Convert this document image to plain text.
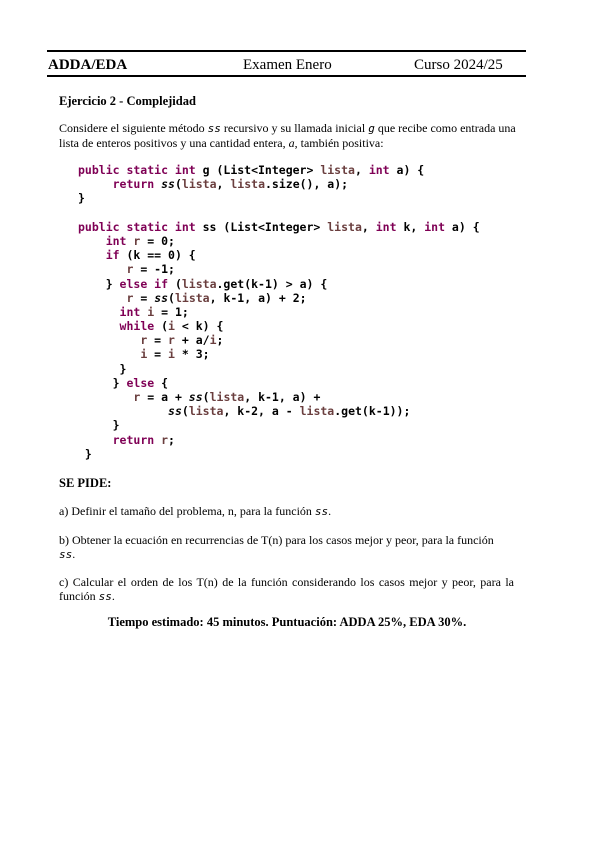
ADDA/EDA	Examen Enero	Curso 2024/25
Ejercicio 2 - Complejidad
Considere el siguiente método ss recursivo y su llamada inicial g que recibe como entrada una lista de enteros positivos y una cantidad entera, a, también positiva:
public static int g (List<Integer> lista, int a) {
return ss(lista, lista.size(), a);
}
public static int ss (List<Integer> lista, int k, int a) {
int r = 0;
if (k == 0) {
r = -1;
} else if (lista.get(k-1) > a) {
r = ss(lista, k-1, a) + 2;
int i = 1;
while (i < k) {
r = r + a/i;
i = i * 3;
}
} else {
r = a + ss(lista, k-1, a) +
ss(lista, k-2, a - lista.get(k-1));
}
return r;
}
SE PIDE:
a) Definir el tamaño del problema, n, para la función ss.
b) Obtener la ecuación en recurrencias de T(n) para los casos mejor y peor, para la función ss.
c) Calcular el orden de los T(n) de la función considerando los casos mejor y peor, para la función ss.
Tiempo estimado: 45 minutos. Puntuación: ADDA 25%, EDA 30%.
